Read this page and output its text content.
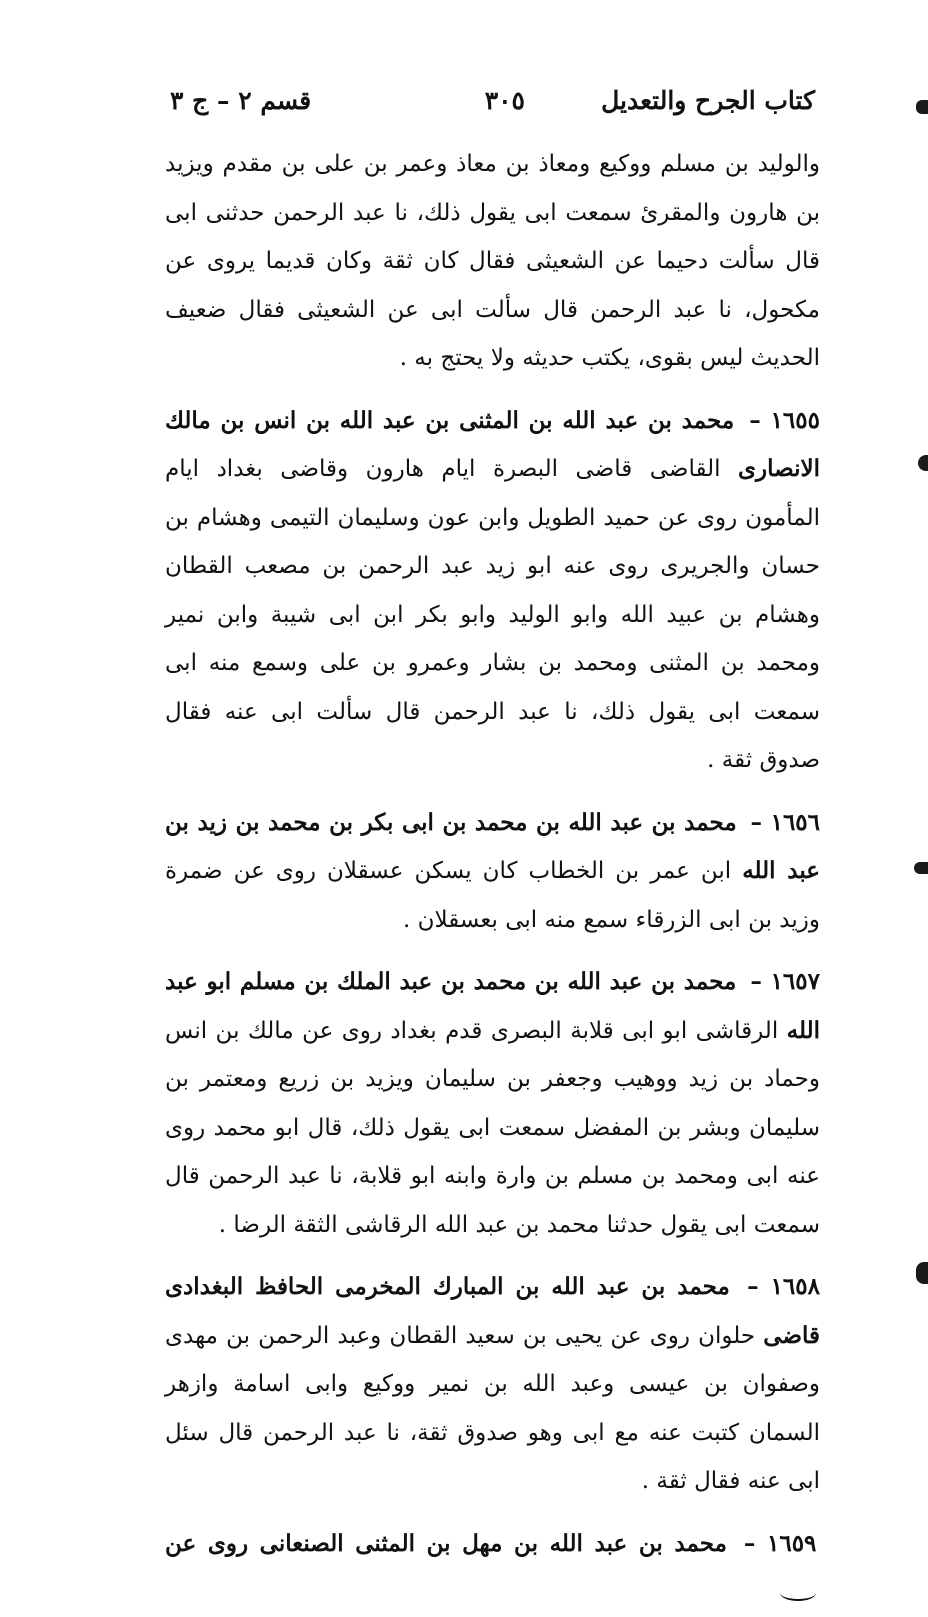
كتاب الجرح والتعديل
٣٠٥
قسم ٢ – ج ٣

والوليد بن مسلم ووكيع ومعاذ بن معاذ وعمر بن على بن مقدم ويزيد بن هارون والمقرئ سمعت ابى يقول ذلك، نا عبد الرحمن حدثنى ابى قال سألت دحيما عن الشعيثى فقال كان ثقة وكان قديما يروى عن مكحول، نا عبد الرحمن قال سألت ابى عن الشعيثى فقال ضعيف الحديث ليس بقوى، يكتب حديثه ولا يحتج به .

١٦٥٥ – محمد بن عبد الله بن المثنى بن عبد الله بن انس بن مالك الانصارى القاضى قاضى البصرة ايام هارون وقاضى بغداد ايام المأمون روى عن حميد الطويل وابن عون وسليمان التيمى وهشام بن حسان والجريرى روى عنه ابو زيد عبد الرحمن بن مصعب القطان وهشام بن عبيد الله وابو الوليد وابو بكر ابن ابى شيبة وابن نمير ومحمد بن المثنى ومحمد بن بشار وعمرو بن على وسمع منه ابى سمعت ابى يقول ذلك، نا عبد الرحمن قال سألت ابى عنه فقال صدوق ثقة .

١٦٥٦ – محمد بن عبد الله بن محمد بن ابى بكر بن محمد بن زيد بن عبد الله ابن عمر بن الخطاب كان يسكن عسقلان روى عن ضمرة وزيد بن ابى الزرقاء سمع منه ابى بعسقلان .

١٦٥٧ – محمد بن عبد الله بن محمد بن عبد الملك بن مسلم ابو عبد الله الرقاشى ابو ابى قلابة البصرى قدم بغداد روى عن مالك بن انس وحماد بن زيد ووهيب وجعفر بن سليمان ويزيد بن زريع ومعتمر بن سليمان وبشر بن المفضل سمعت ابى يقول ذلك، قال ابو محمد روى عنه ابى ومحمد بن مسلم بن وارة وابنه ابو قلابة، نا عبد الرحمن قال سمعت ابى يقول حدثنا محمد بن عبد الله الرقاشى الثقة الرضا .

١٦٥٨ – محمد بن عبد الله بن المبارك المخرمى الحافظ البغدادى قاضى حلوان روى عن يحيى بن سعيد القطان وعبد الرحمن بن مهدى وصفوان بن عيسى وعبد الله بن نمير ووكيع وابى اسامة وازهر السمان كتبت عنه مع ابى وهو صدوق ثقة، نا عبد الرحمن قال سئل ابى عنه فقال ثقة .

١٦٥٩ – محمد بن عبد الله بن مهل بن المثنى الصنعانى روى عن
